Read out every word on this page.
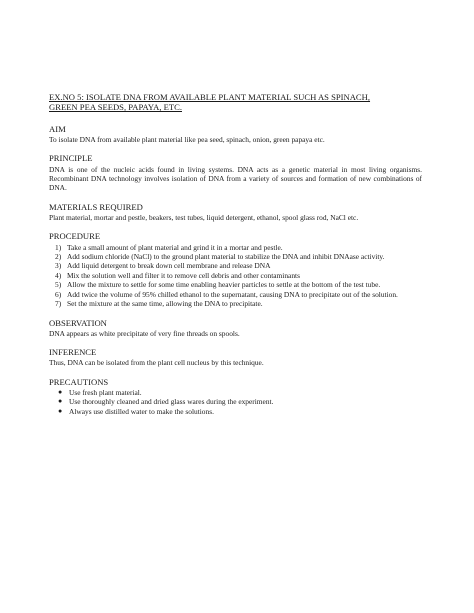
EX.NO 5: ISOLATE DNA FROM AVAILABLE PLANT MATERIAL SUCH AS SPINACH,
GREEN PEA SEEDS, PAPAYA, ETC.
AIM

To isolate DNA from available plant material like pea seed, spinach, onion, green papaya etc.

PRINCIPLE

DNA is one of the nucleic acids found in living systems. DNA acts as a genetic material in most living organisms. Recombinant DNA technology involves isolation of DNA from a variety of sources and formation of new combinations of DNA.

MATERIALS REQUIRED

Plant material, mortar and pestle, beakers, test tubes, liquid detergent, ethanol, spool glass rod, NaCl etc.

PROCEDURE
1) Take a small amount of plant material and grind it in a mortar and pestle.
2) Add sodium chloride (NaCl) to the ground plant material to stabilize the DNA and inhibit DNAase activity.
3) Add liquid detergent to break down cell membrane and release DNA
4) Mix the solution well and filter it to remove cell debris and other contaminants
5) Allow the mixture to settle for some time enabling heavier particles to settle at the bottom of the test tube.
6) Add twice the volume of 95% chilled ethanol to the supernatant, causing DNA to precipitate out of the solution.
7) Set the mixture at the same time, allowing the DNA to precipitate.
OBSERVATION

DNA appears as white precipitate of very fine threads on spools.

INFERENCE

Thus, DNA can be isolated from the plant cell nucleus by this technique.

PRECAUTIONS
● Use fresh plant material.
● Use thoroughly cleaned and dried glass wares during the experiment.
● Always use distilled water to make the solutions.
